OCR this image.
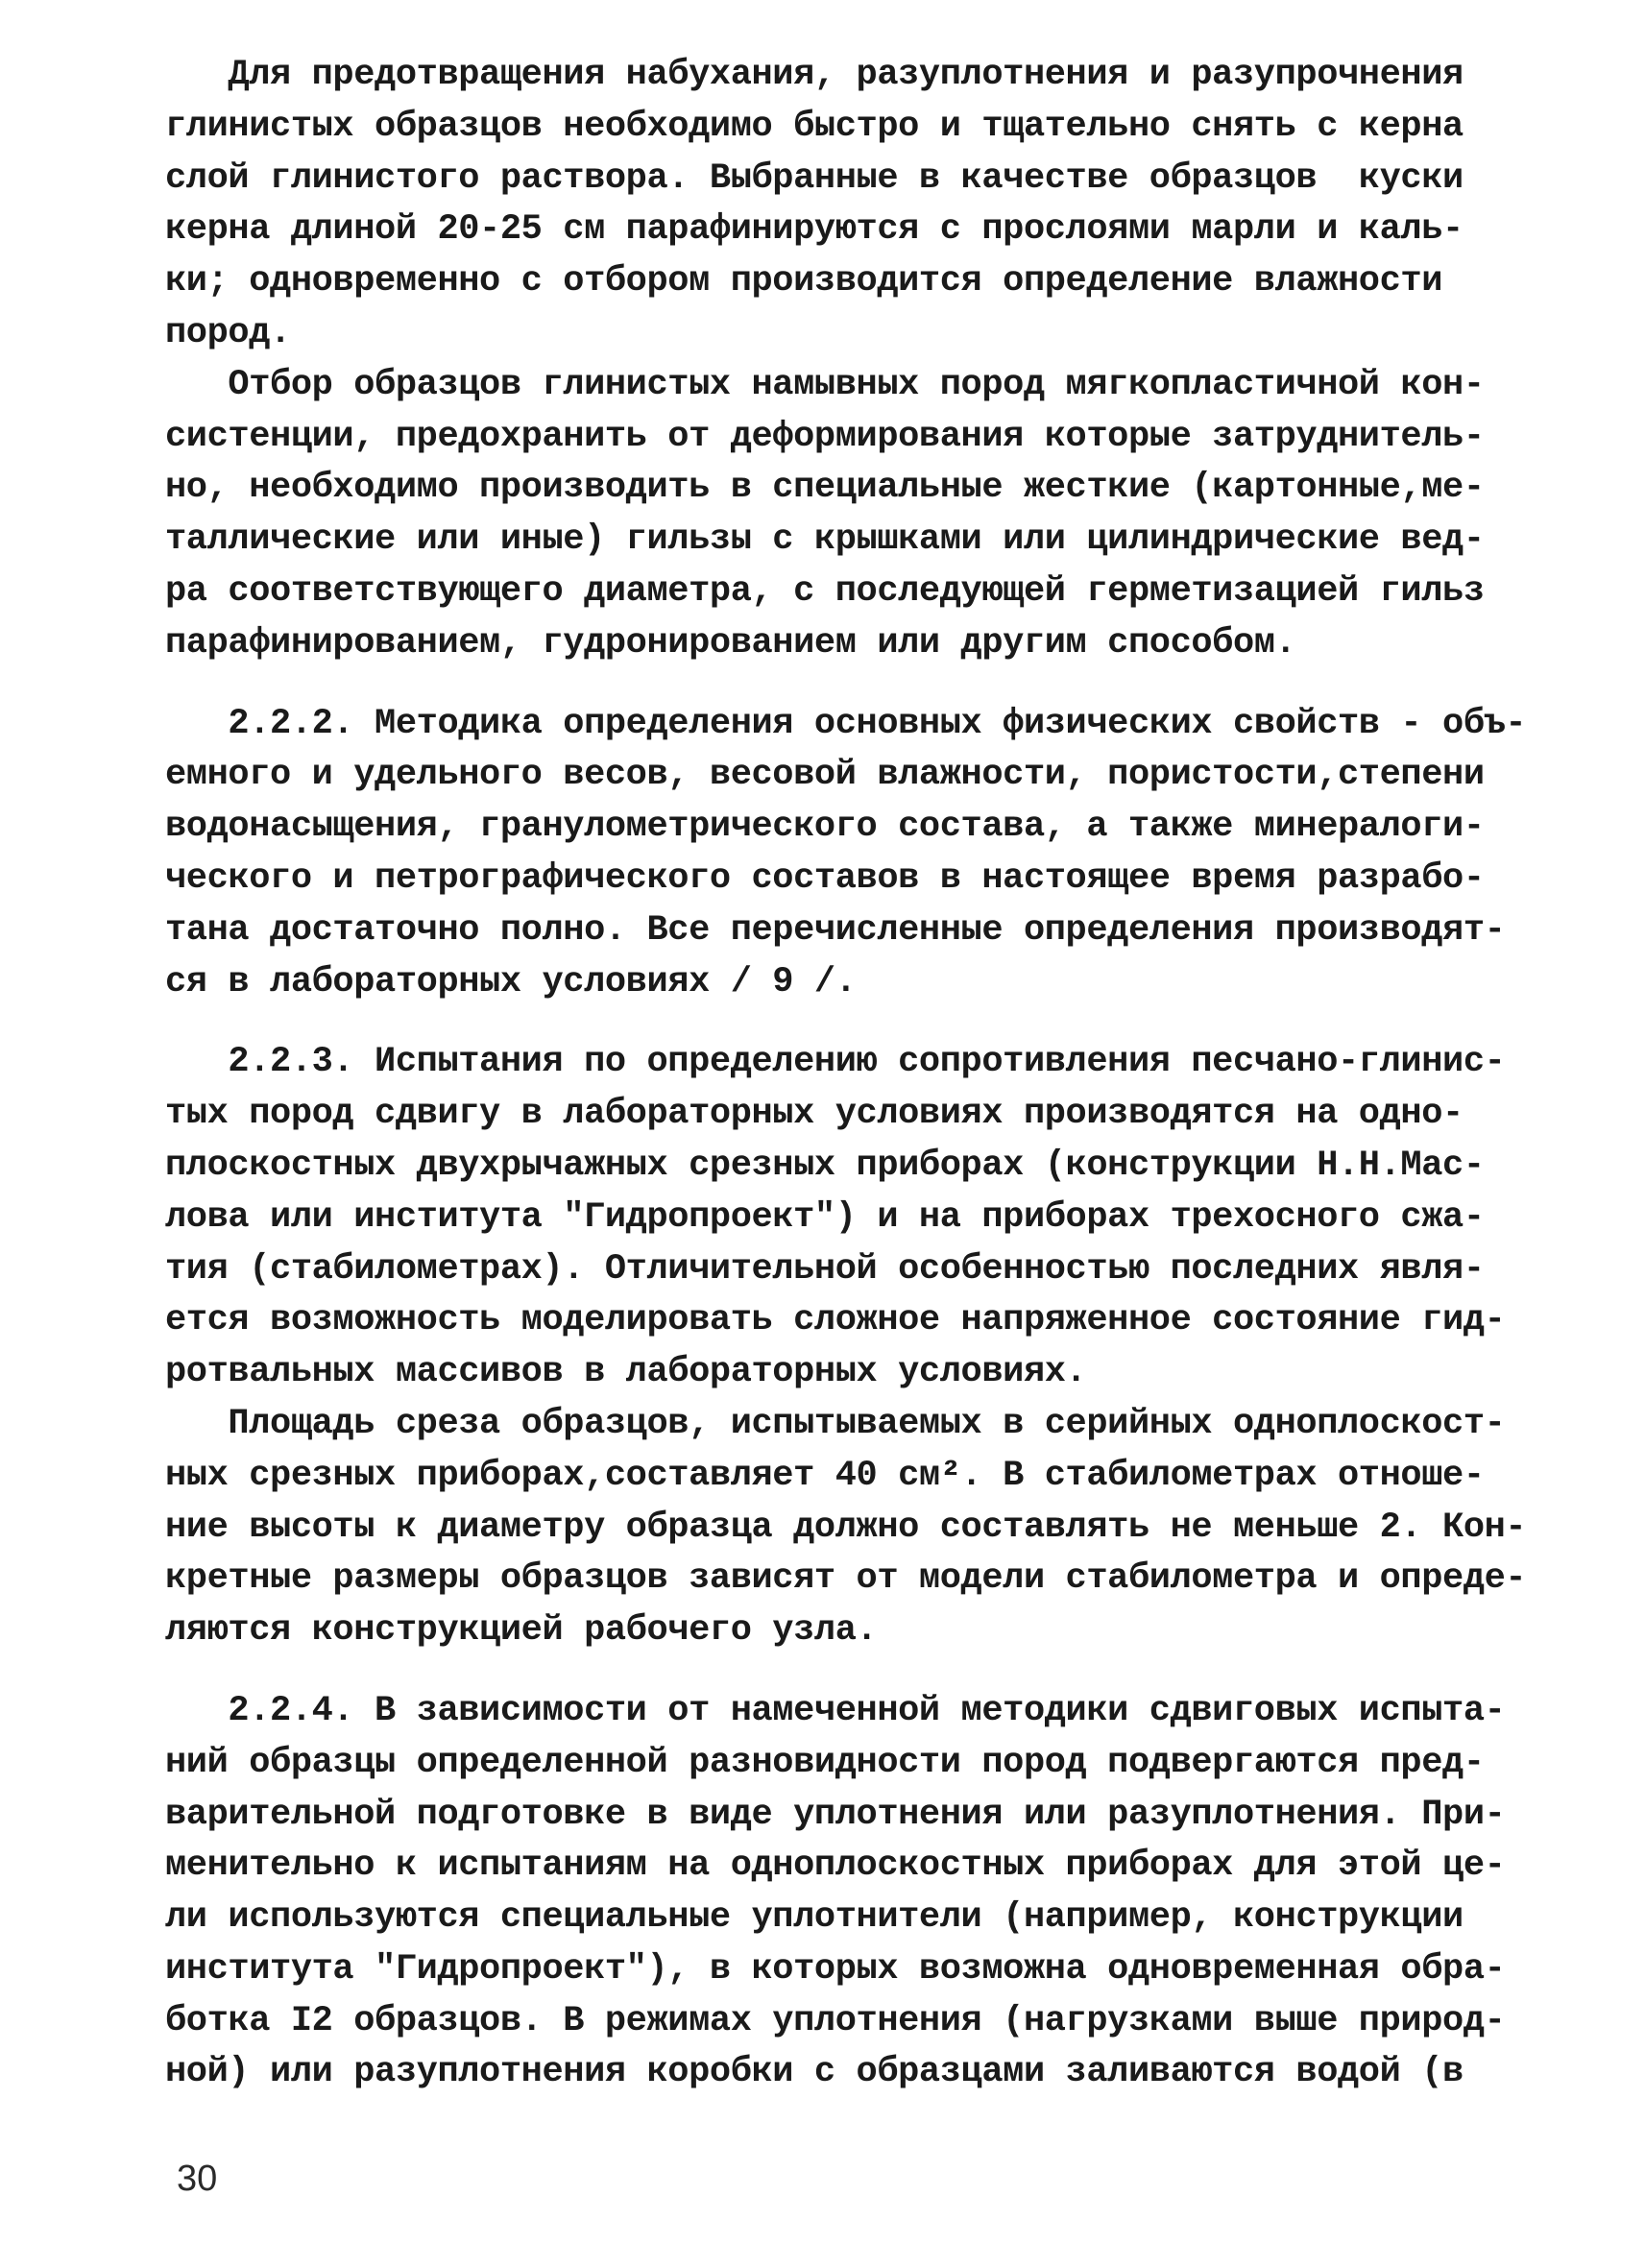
Для предотвращения набухания, разуплотнения и разупрочнения
глинистых образцов необходимо быстро и тщательно снять с керна
слой глинистого раствора. Выбранные в качестве образцов  куски
керна длиной 20-25 см парафинируются с прослоями марли и каль-
ки; одновременно с отбором производится определение влажности
пород.
Отбор образцов глинистых намывных пород мягкопластичной кон-
систенции, предохранить от деформирования которые затруднитель-
но, необходимо производить в специальные жесткие (картонные,ме-
таллические или иные) гильзы с крышками или цилиндрические вед-
ра соответствующего диаметра, с последующей герметизацией гильз
парафинированием, гудронированием или другим способом.
2.2.2. Методика определения основных физических свойств - объ-
емного и удельного весов, весовой влажности, пористости,степени
водонасыщения, гранулометрического состава, а также минералоги-
ческого и петрографического составов в настоящее время разрабо-
тана достаточно полно. Все перечисленные определения производят-
ся в лабораторных условиях / 9 /.
2.2.3. Испытания по определению сопротивления песчано-глинис-
тых пород сдвигу в лабораторных условиях производятся на одно-
плоскостных двухрычажных срезных приборах (конструкции Н.Н.Мас-
лова или института "Гидропроект") и на приборах трехосного сжа-
тия (стабилометрах). Отличительной особенностью последних явля-
ется возможность моделировать сложное напряженное состояние гид-
ротвальных массивов в лабораторных условиях.
Площадь среза образцов, испытываемых в серийных одноплоскост-
ных срезных приборах,составляет 40 см². В стабилометрах отноше-
ние высоты к диаметру образца должно составлять не меньше 2. Кон-
кретные размеры образцов зависят от модели стабилометра и опреде-
ляются конструкцией рабочего узла.
2.2.4. В зависимости от намеченной методики сдвиговых испыта-
ний образцы определенной разновидности пород подвергаются пред-
варительной подготовке в виде уплотнения или разуплотнения. При-
менительно к испытаниям на одноплоскостных приборах для этой це-
ли используются специальные уплотнители (например, конструкции
института "Гидропроект"), в которых возможна одновременная обра-
ботка I2 образцов. В режимах уплотнения (нагрузками выше природ-
ной) или разуплотнения коробки с образцами заливаются водой (в
30
